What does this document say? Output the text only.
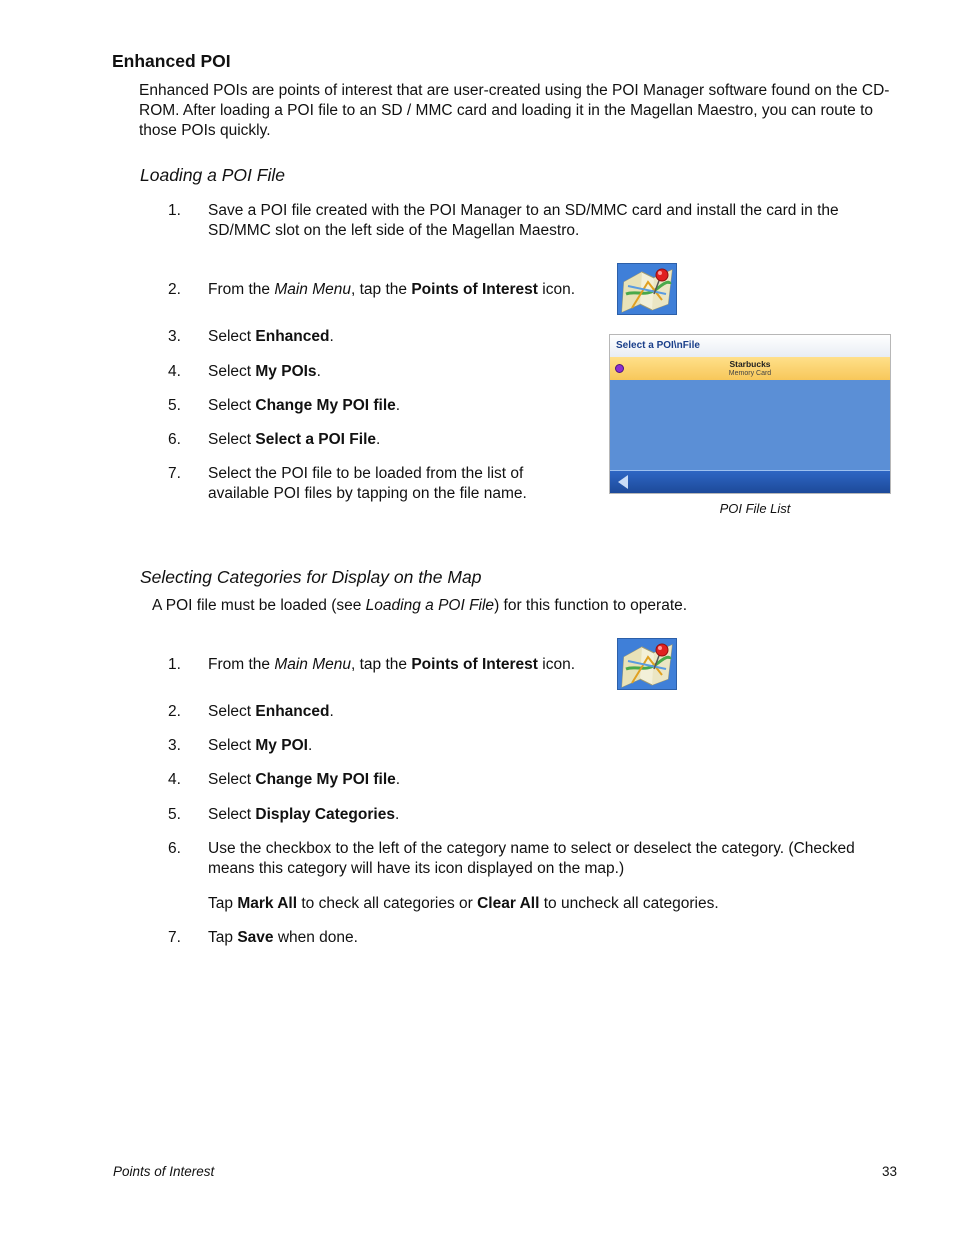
Enhanced POI
Enhanced POIs are points of interest that are user-created using the POI Manager software found on the CD-ROM. After loading a POI file to an SD / MMC card and loading it in the Magellan Maestro, you can route to those POIs quickly.
Loading a POI File
1.	Save a POI file created with the POI Manager to an SD/MMC card and install the card in the SD/MMC slot on the left side of the Magellan Maestro.
2.	From the Main Menu, tap the Points of Interest icon.
3.	Select Enhanced.
4.	Select My POIs.
5.	Select Change My POI file.
6.	Select Select a POI File.
7.	Select the POI file to be loaded from the list of available POI files by tapping on the file name.
Select a POI\nFile
Starbucks
Memory Card
POI File List
Selecting Categories for Display on the Map
A POI file must be loaded (see Loading a POI File) for this function to operate.
1.	From the Main Menu, tap the Points of Interest icon.
2.	Select Enhanced.
3.	Select My POI.
4.	Select Change My POI file.
5.	Select Display Categories.
6.	Use the checkbox to the left of the category name to select or deselect the category. (Checked means this category will have its icon displayed on the map.)
Tap Mark All to check all categories or Clear All to uncheck all categories.
7.	Tap Save when done.
Points of Interest	33
